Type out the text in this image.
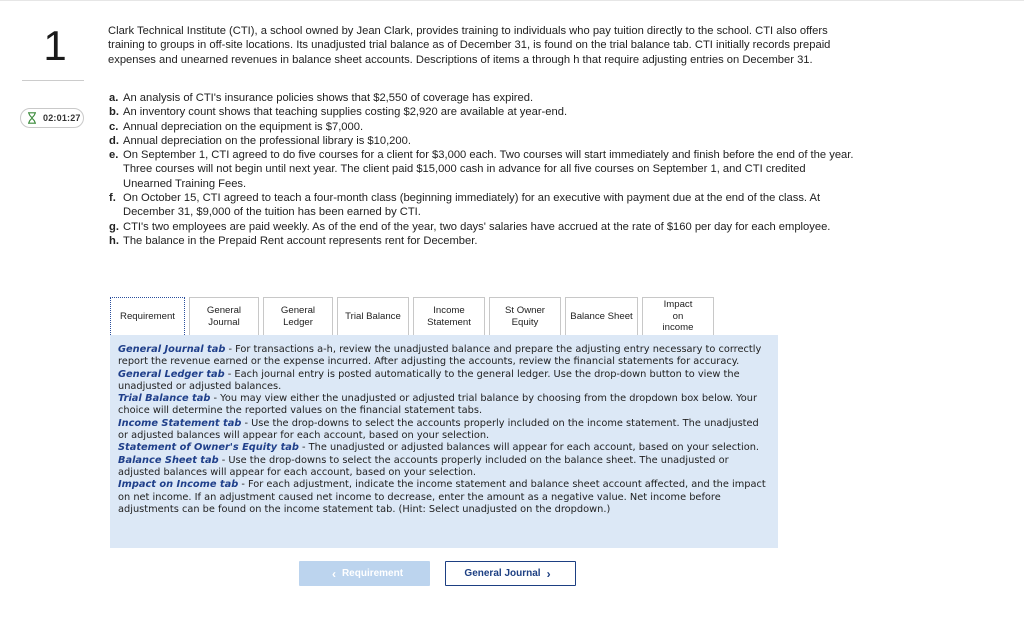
1
02:01:27
Clark Technical Institute (CTI), a school owned by Jean Clark, provides training to individuals who pay tuition directly to the school. CTI also offers training to groups in off-site locations. Its unadjusted trial balance as of December 31, is found on the trial balance tab. CTI initially records prepaid expenses and unearned revenues in balance sheet accounts. Descriptions of items a through h that require adjusting entries on December 31.
a. An analysis of CTI's insurance policies shows that $2,550 of coverage has expired.
b. An inventory count shows that teaching supplies costing $2,920 are available at year-end.
c. Annual depreciation on the equipment is $7,000.
d. Annual depreciation on the professional library is $10,200.
e. On September 1, CTI agreed to do five courses for a client for $3,000 each. Two courses will start immediately and finish before the end of the year. Three courses will not begin until next year. The client paid $15,000 cash in advance for all five courses on September 1, and CTI credited Unearned Training Fees.
f. On October 15, CTI agreed to teach a four-month class (beginning immediately) for an executive with payment due at the end of the class. At December 31, $9,000 of the tuition has been earned by CTI.
g. CTI's two employees are paid weekly. As of the end of the year, two days' salaries have accrued at the rate of $160 per day for each employee.
h. The balance in the Prepaid Rent account represents rent for December.
Requirement
General Journal
General Ledger
Trial Balance
Income Statement
St Owner Equity
Balance Sheet
Impact on income

General Journal tab - For transactions a-h, review the unadjusted balance and prepare the adjusting entry necessary to correctly report the revenue earned or the expense incurred. After adjusting the accounts, review the financial statements for accuracy.

General Ledger tab - Each journal entry is posted automatically to the general ledger. Use the drop-down button to view the unadjusted or adjusted balances.

Trial Balance tab - You may view either the unadjusted or adjusted trial balance by choosing from the dropdown box below. Your choice will determine the reported values on the financial statement tabs.

Income Statement tab - Use the drop-downs to select the accounts properly included on the income statement. The unadjusted or adjusted balances will appear for each account, based on your selection.

Statement of Owner's Equity tab - The unadjusted or adjusted balances will appear for each account, based on your selection.

Balance Sheet tab - Use the drop-downs to select the accounts properly included on the balance sheet. The unadjusted or adjusted balances will appear for each account, based on your selection.

Impact on Income tab - For each adjustment, indicate the income statement and balance sheet account affected, and the impact on net income. If an adjustment caused net income to decrease, enter the amount as a negative value. Net income before adjustments can be found on the income statement tab. (Hint: Select unadjusted on the dropdown.)

‹ Requirement	General Journal ›
